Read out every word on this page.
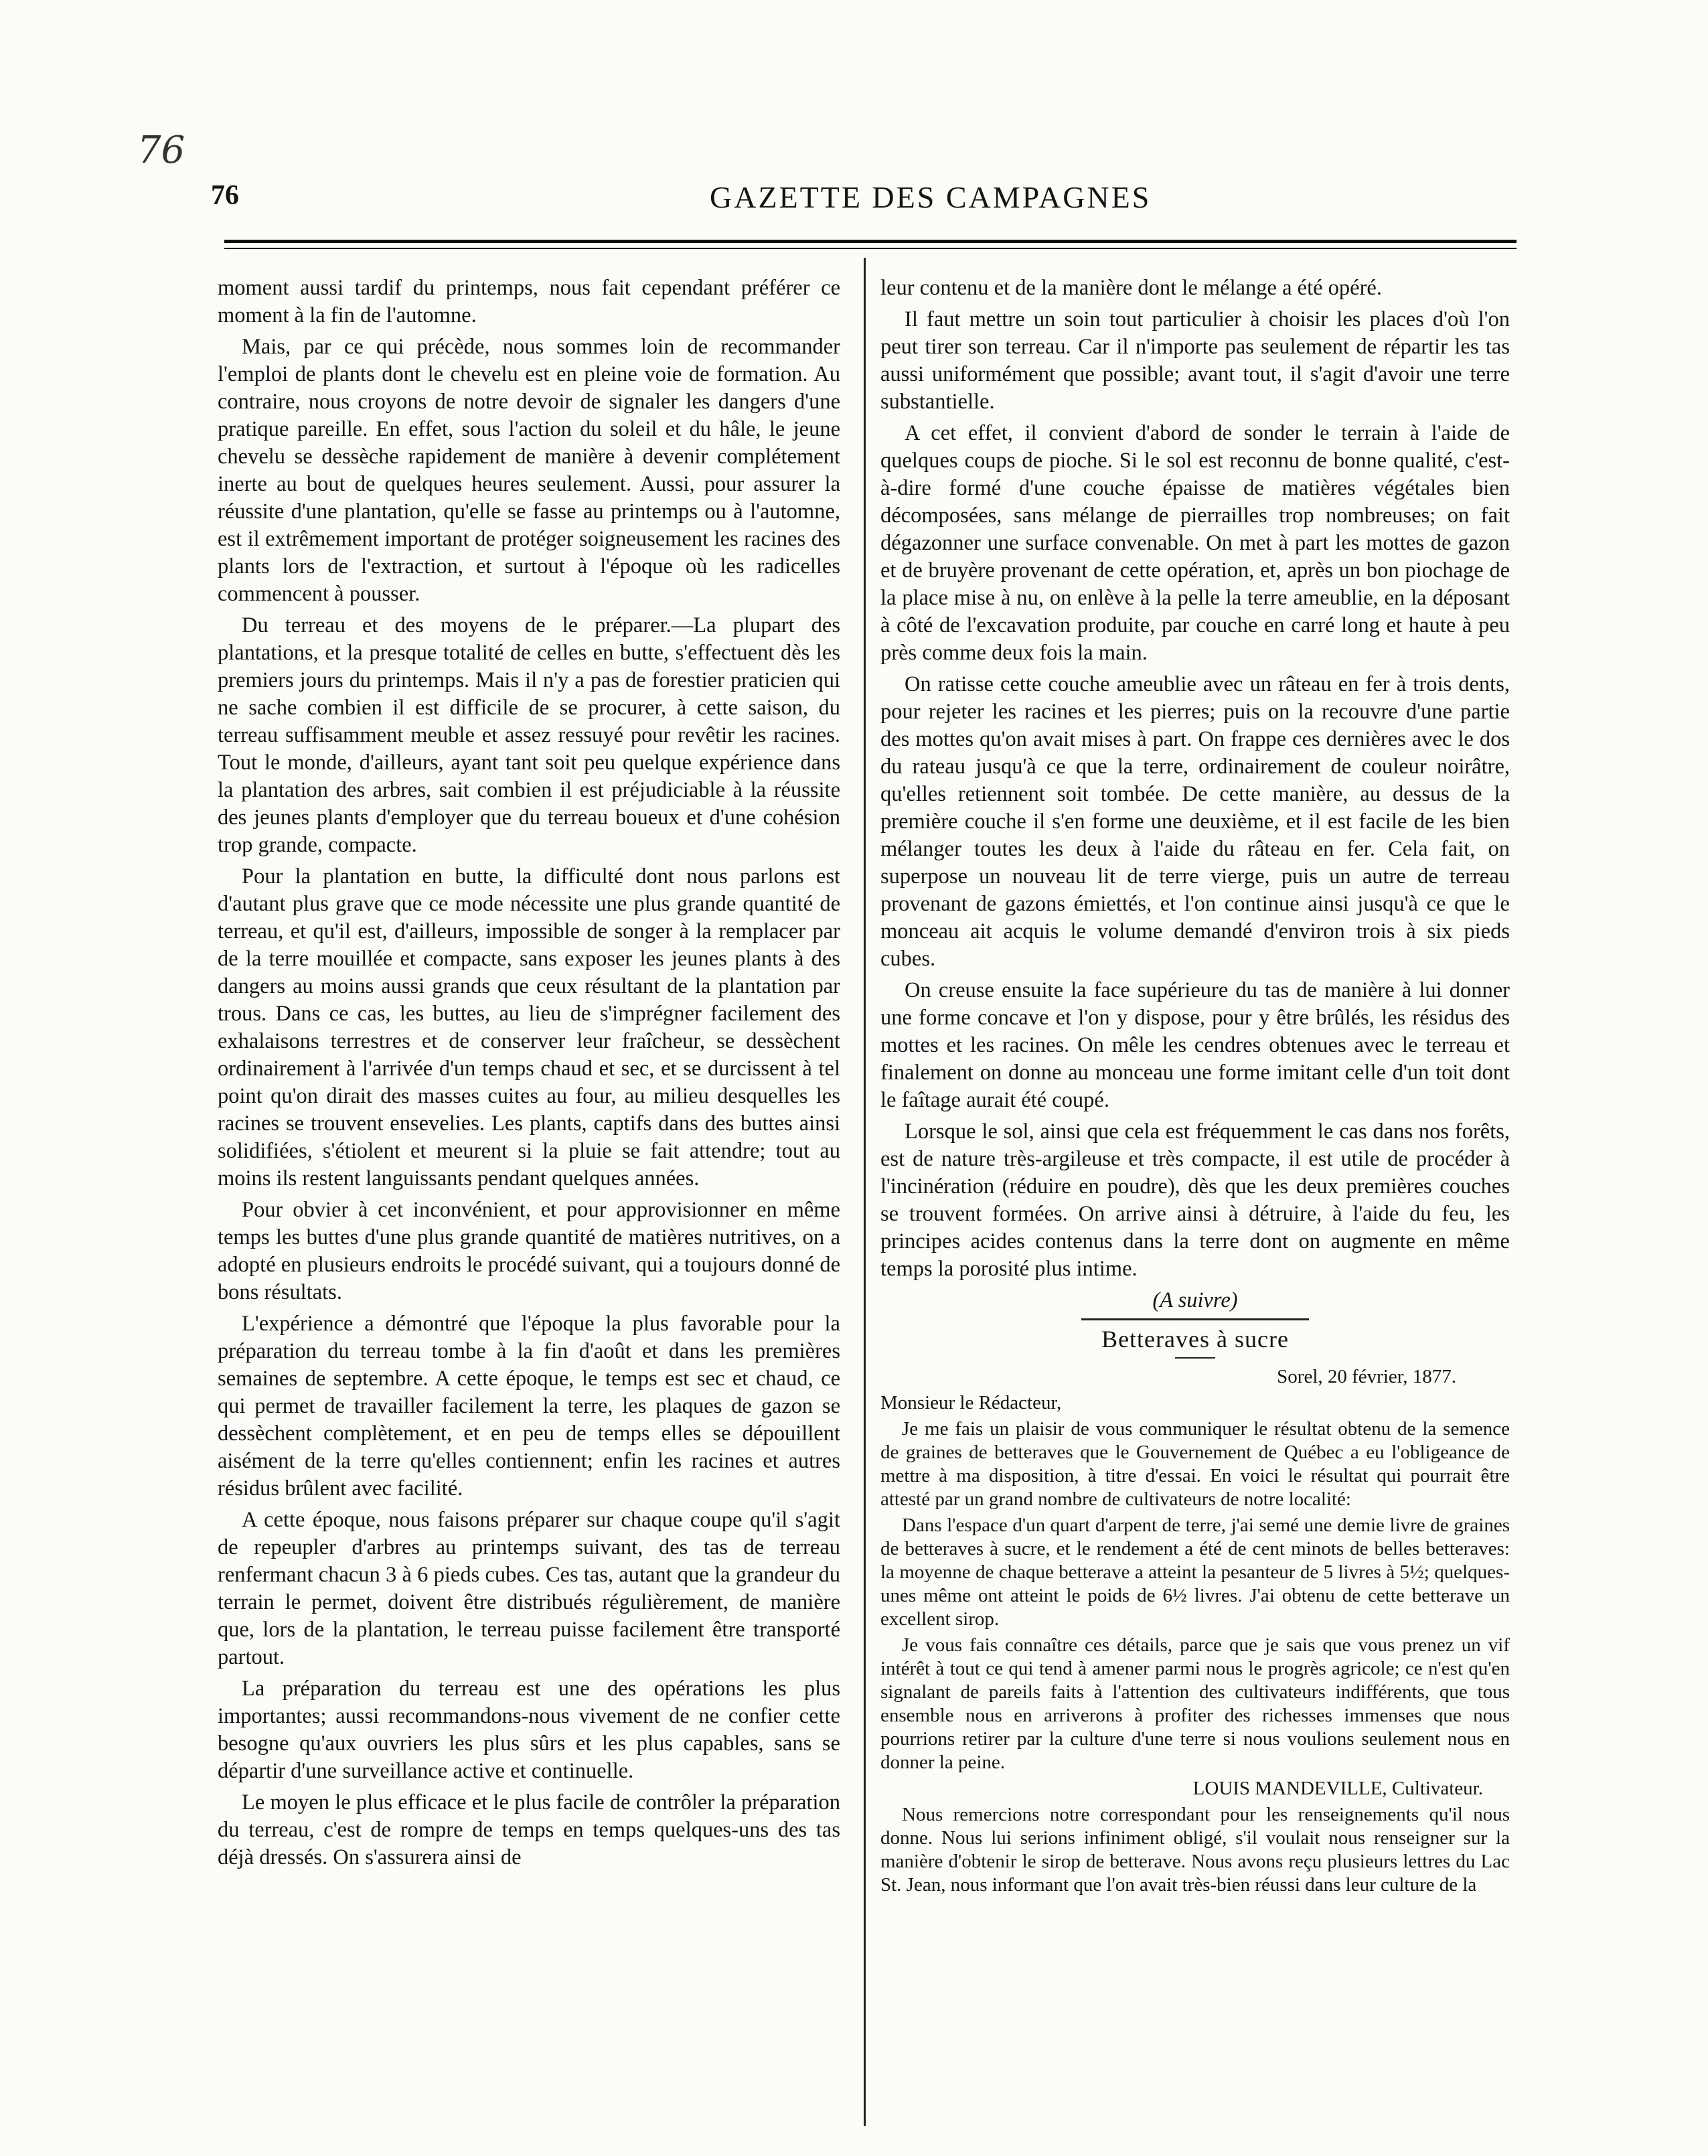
76
76	GAZETTE DES CAMPAGNES

moment aussi tardif du printemps, nous fait cependant préférer ce moment à la fin de l'automne.

Mais, par ce qui précède, nous sommes loin de recommander l'emploi de plants dont le chevelu est en pleine voie de formation. Au contraire, nous croyons de notre devoir de signaler les dangers d'une pratique pareille. En effet, sous l'action du soleil et du hâle, le jeune chevelu se dessèche rapidement de manière à devenir complétement inerte au bout de quelques heures seulement. Aussi, pour assurer la réussite d'une plantation, qu'elle se fasse au printemps ou à l'automne, est il extrêmement important de protéger soigneusement les racines des plants lors de l'extraction, et surtout à l'époque où les radicelles commencent à pousser.

Du terreau et des moyens de le préparer.—La plupart des plantations, et la presque totalité de celles en butte, s'effectuent dès les premiers jours du printemps. Mais il n'y a pas de forestier praticien qui ne sache combien il est difficile de se procurer, à cette saison, du terreau suffisamment meuble et assez ressuyé pour revêtir les racines. Tout le monde, d'ailleurs, ayant tant soit peu quelque expérience dans la plantation des arbres, sait combien il est préjudiciable à la réussite des jeunes plants d'employer que du terreau boueux et d'une cohésion trop grande, compacte.

Pour la plantation en butte, la difficulté dont nous parlons est d'autant plus grave que ce mode nécessite une plus grande quantité de terreau, et qu'il est, d'ailleurs, impossible de songer à la remplacer par de la terre mouillée et compacte, sans exposer les jeunes plants à des dangers au moins aussi grands que ceux résultant de la plantation par trous. Dans ce cas, les buttes, au lieu de s'imprégner facilement des exhalaisons terrestres et de conserver leur fraîcheur, se dessèchent ordinairement à l'arrivée d'un temps chaud et sec, et se durcissent à tel point qu'on dirait des masses cuites au four, au milieu desquelles les racines se trouvent ensevelies. Les plants, captifs dans des buttes ainsi solidifiées, s'étiolent et meurent si la pluie se fait attendre; tout au moins ils restent languissants pendant quelques années.

Pour obvier à cet inconvénient, et pour approvisionner en même temps les buttes d'une plus grande quantité de matières nutritives, on a adopté en plusieurs endroits le procédé suivant, qui a toujours donné de bons résultats.

L'expérience a démontré que l'époque la plus favorable pour la préparation du terreau tombe à la fin d'août et dans les premières semaines de septembre. A cette époque, le temps est sec et chaud, ce qui permet de travailler facilement la terre, les plaques de gazon se dessèchent complètement, et en peu de temps elles se dépouillent aisément de la terre qu'elles contiennent; enfin les racines et autres résidus brûlent avec facilité.

A cette époque, nous faisons préparer sur chaque coupe qu'il s'agit de repeupler d'arbres au printemps suivant, des tas de terreau renfermant chacun 3 à 6 pieds cubes. Ces tas, autant que la grandeur du terrain le permet, doivent être distribués régulièrement, de manière que, lors de la plantation, le terreau puisse facilement être transporté partout.

La préparation du terreau est une des opérations les plus importantes; aussi recommandons-nous vivement de ne confier cette besogne qu'aux ouvriers les plus sûrs et les plus capables, sans se départir d'une surveillance active et continuelle.

Le moyen le plus efficace et le plus facile de contrôler la préparation du terreau, c'est de rompre de temps en temps quelques-uns des tas déjà dressés. On s'assurera ainsi de

leur contenu et de la manière dont le mélange a été opéré.

Il faut mettre un soin tout particulier à choisir les places d'où l'on peut tirer son terreau. Car il n'importe pas seulement de répartir les tas aussi uniformément que possible; avant tout, il s'agit d'avoir une terre substantielle.

A cet effet, il convient d'abord de sonder le terrain à l'aide de quelques coups de pioche. Si le sol est reconnu de bonne qualité, c'est-à-dire formé d'une couche épaisse de matières végétales bien décomposées, sans mélange de pierrailles trop nombreuses; on fait dégazonner une surface convenable. On met à part les mottes de gazon et de bruyère provenant de cette opération, et, après un bon piochage de la place mise à nu, on enlève à la pelle la terre ameublie, en la déposant à côté de l'excavation produite, par couche en carré long et haute à peu près comme deux fois la main.

On ratisse cette couche ameublie avec un râteau en fer à trois dents, pour rejeter les racines et les pierres; puis on la recouvre d'une partie des mottes qu'on avait mises à part. On frappe ces dernières avec le dos du rateau jusqu'à ce que la terre, ordinairement de couleur noirâtre, qu'elles retiennent soit tombée. De cette manière, au dessus de la première couche il s'en forme une deuxième, et il est facile de les bien mélanger toutes les deux à l'aide du râteau en fer. Cela fait, on superpose un nouveau lit de terre vierge, puis un autre de terreau provenant de gazons émiettés, et l'on continue ainsi jusqu'à ce que le monceau ait acquis le volume demandé d'environ trois à six pieds cubes.

On creuse ensuite la face supérieure du tas de manière à lui donner une forme concave et l'on y dispose, pour y être brûlés, les résidus des mottes et les racines. On mêle les cendres obtenues avec le terreau et finalement on donne au monceau une forme imitant celle d'un toit dont le faîtage aurait été coupé.

Lorsque le sol, ainsi que cela est fréquemment le cas dans nos forêts, est de nature très-argileuse et très compacte, il est utile de procéder à l'incinération (réduire en poudre), dès que les deux premières couches se trouvent formées. On arrive ainsi à détruire, à l'aide du feu, les principes acides contenus dans la terre dont on augmente en même temps la porosité plus intime.

(A suivre)

Betteraves à sucre

Sorel, 20 février, 1877.

Monsieur le Rédacteur,

Je me fais un plaisir de vous communiquer le résultat obtenu de la semence de graines de betteraves que le Gouvernement de Québec a eu l'obligeance de mettre à ma disposition, à titre d'essai. En voici le résultat qui pourrait être attesté par un grand nombre de cultivateurs de notre localité:

Dans l'espace d'un quart d'arpent de terre, j'ai semé une demie livre de graines de betteraves à sucre, et le rendement a été de cent minots de belles betteraves: la moyenne de chaque betterave a atteint la pesanteur de 5 livres à 5½; quelques-unes même ont atteint le poids de 6½ livres. J'ai obtenu de cette betterave un excellent sirop.

Je vous fais connaître ces détails, parce que je sais que vous prenez un vif intérêt à tout ce qui tend à amener parmi nous le progrès agricole; ce n'est qu'en signalant de pareils faits à l'attention des cultivateurs indifférents, que tous ensemble nous en arriverons à profiter des richesses immenses que nous pourrions retirer par la culture d'une terre si nous voulions seulement nous en donner la peine.

LOUIS MANDEVILLE, Cultivateur.

Nous remercions notre correspondant pour les renseignements qu'il nous donne. Nous lui serions infiniment obligé, s'il voulait nous renseigner sur la manière d'obtenir le sirop de betterave. Nous avons reçu plusieurs lettres du Lac St. Jean, nous informant que l'on avait très-bien réussi dans leur culture de la
